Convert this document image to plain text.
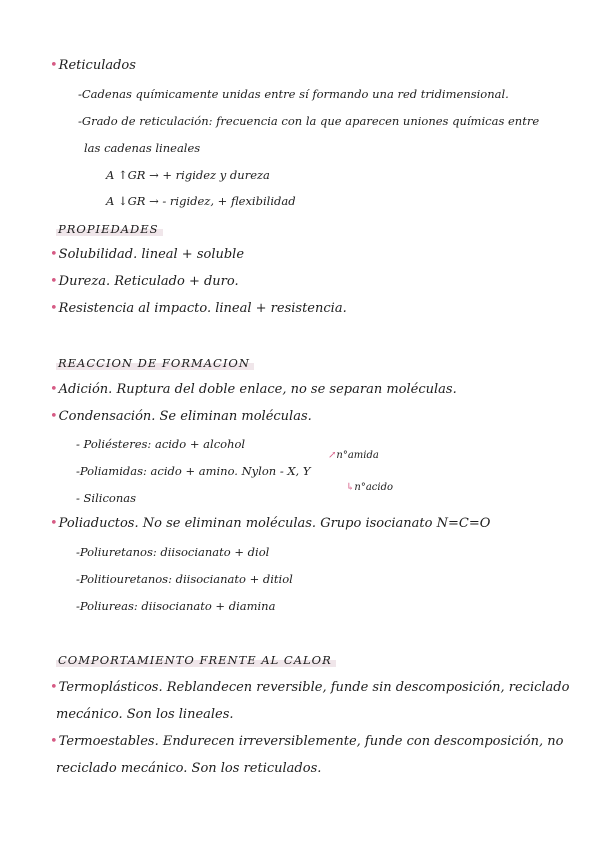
•Reticulados
-Cadenas químicamente unidas entre sí formando una red tridimensional.
-Grado de reticulación: frecuencia con la que aparecen uniones químicas entre
las cadenas lineales
A ↑GR → + rigidez y dureza
A ↓GR → - rigidez, + flexibilidad
PROPIEDADES
•Solubilidad. lineal + soluble
•Dureza. Reticulado + duro.
•Resistencia al impacto. lineal + resistencia.
REACCION DE FORMACION
•Adición. Ruptura del doble enlace, no se separan moléculas.
•Condensación. Se eliminan moléculas.
- Poliésteres: acido + alcohol
-Poliamidas: acido + amino. Nylon - X, Y
↗n°amida
↳n°acido
- Siliconas
•Poliaductos. No se eliminan moléculas. Grupo isocianato N=C=O
-Poliuretanos: diisocianato + diol
-Politiouretanos: diisocianato + ditiol
-Poliureas: diisocianato + diamina
COMPORTAMIENTO FRENTE AL CALOR
•Termoplásticos. Reblandecen reversible, funde sin descomposición, reciclado
mecánico. Son los lineales.
•Termoestables. Endurecen irreversiblemente, funde con descomposición, no
reciclado mecánico. Son los reticulados.
